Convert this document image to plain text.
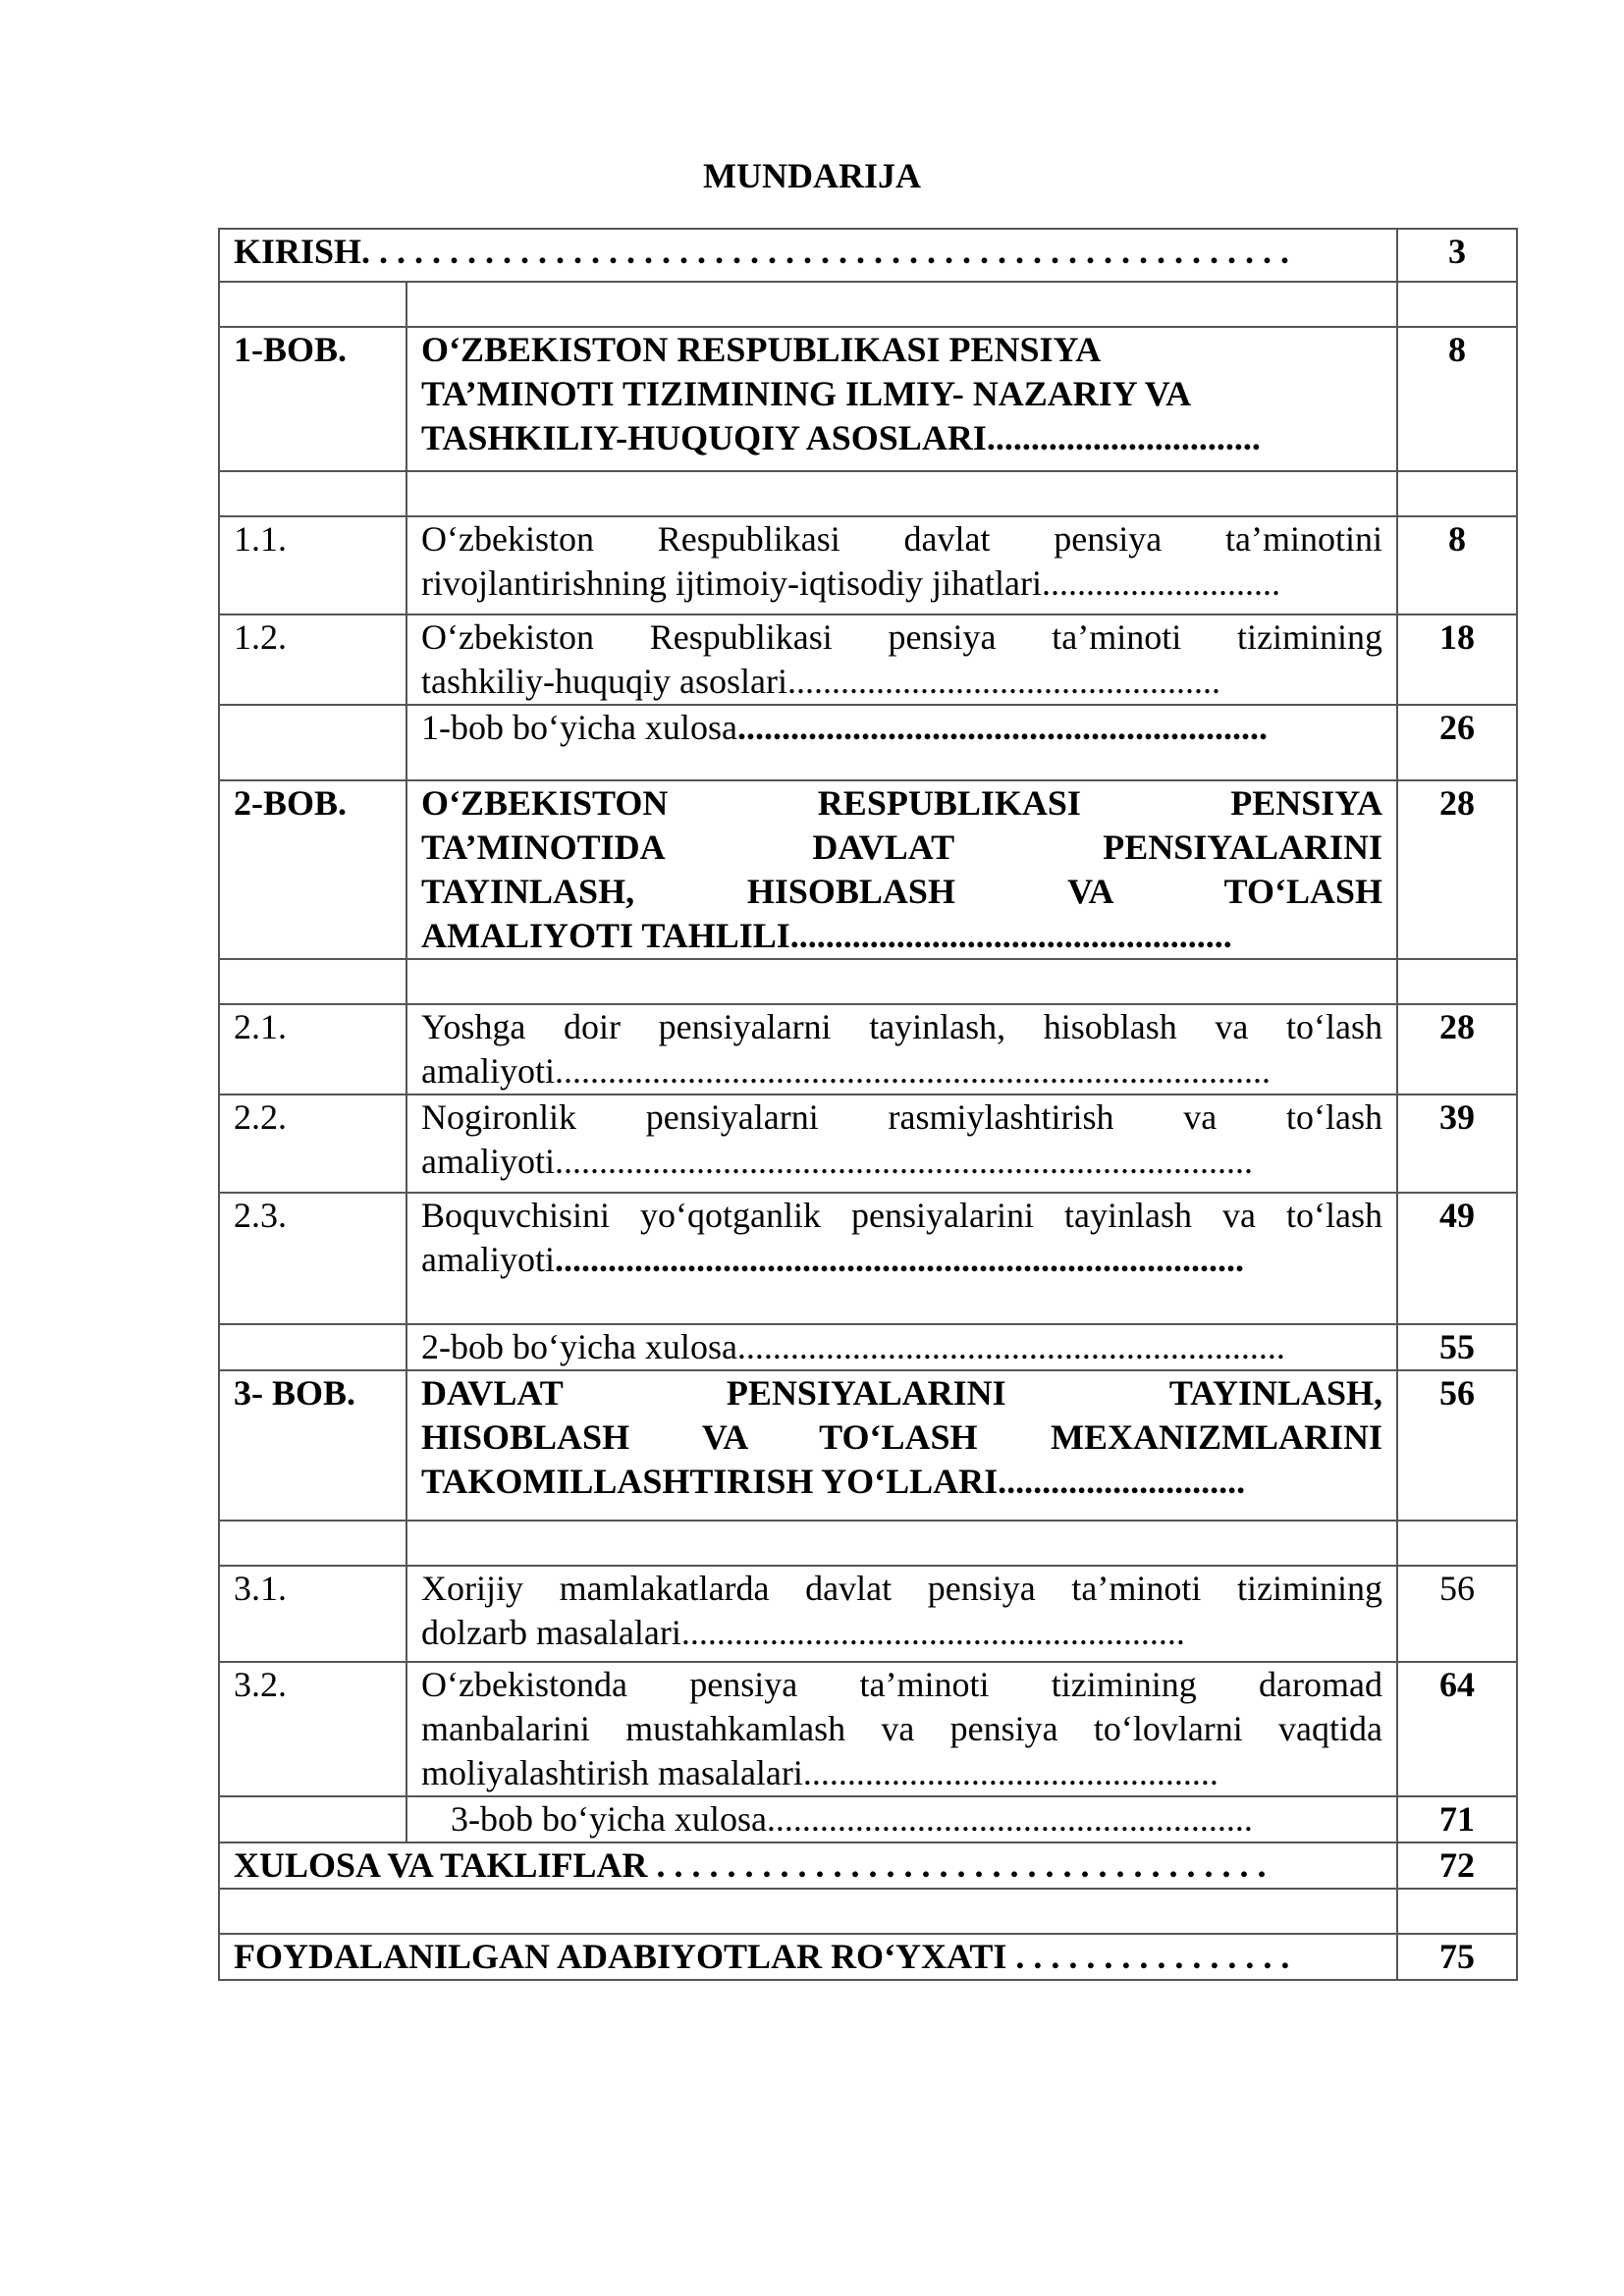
MUNDARIJA
KIRISH. . . . . . . . . . . . . . . . . . . . . . . . . . . . . . . . . . . . . . . . . . . . . . . . . . . . .		3

1-BOB.	O‘ZBEKISTON RESPUBLIKASI PENSIYA
TA’MINOTI TIZIMINING ILMIY- NAZARIY VA
TASHKILIY-HUQUQIY ASOSLARI...............................	8

1.1.	O‘zbekiston Respublikasi davlat pensiya ta’minotini
rivojlantirishning ijtimoiy-iqtisodiy jihatlari...........................	8
1.2.	O‘zbekiston Respublikasi pensiya ta’minoti tizimining
tashkiliy-huquqiy asoslari.................................................	18
	1-bob bo‘yicha xulosa............................................................	26
2-BOB.	O‘ZBEKISTON RESPUBLIKASI PENSIYA
TA’MINOTIDA DAVLAT PENSIYALARINI
TAYINLASH, HISOBLASH VA TO‘LASH
AMALIYOTI TAHLILI..................................................	28

2.1.	Yoshga doir pensiyalarni tayinlash, hisoblash va to‘lash
amaliyoti.................................................................................	28
2.2.	Nogironlik pensiyalarni rasmiylashtirish va to‘lash
amaliyoti...............................................................................	39
2.3.	Boquvchisini yo‘qotganlik pensiyalarini tayinlash va to‘lash
amaliyoti..............................................................................	49
	2-bob bo‘yicha xulosa..............................................................	55
3- BOB.	DAVLAT PENSIYALARINI TAYINLASH,
HISOBLASH VA TO‘LASH MEXANIZMLARINI
TAKOMILLASHTIRISH YO‘LLARI............................	56

3.1.	Xorijiy mamlakatlarda davlat pensiya ta’minoti tizimining
dolzarb masalalari.........................................................	56
3.2.	O‘zbekistonda pensiya ta’minoti tizimining daromad
manbalarini mustahkamlash va pensiya to‘lovlarni vaqtida
moliyalashtirish masalalari...............................................	64
	3-bob bo‘yicha xulosa.......................................................	71
XULOSA VA TAKLIFLAR . . . . . . . . . . . . . . . . . . . . . . . . . . . . . . . . . . .		72

FOYDALANILGAN ADABIYOTLAR RO‘YXATI . . . . . . . . . . . . . . . .		75
